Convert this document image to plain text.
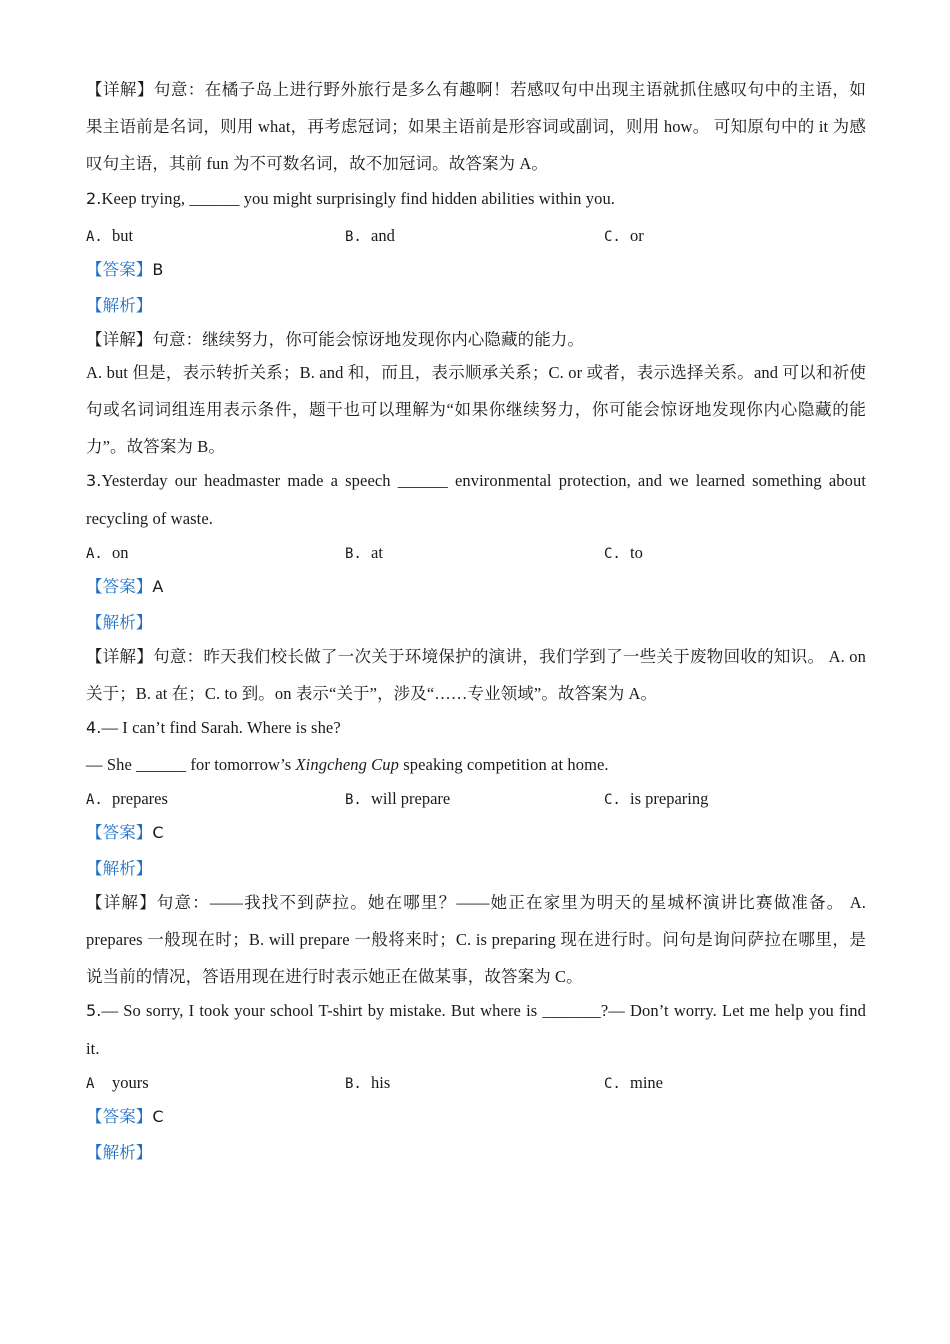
【详解】句意：在橘子岛上进行野外旅行是多么有趣啊！若感叹句中出现主语就抓住感叹句中的主语，如
果主语前是名词，则用 what，再考虑冠词；如果主语前是形容词或副词，则用 how。 可知原句中的 it 为感
叹句主语，其前 fun 为不可数名词，故不加冠词。故答案为 A。
2.Keep trying, ______ you might surprisingly find hidden abilities within you.
A. but	B. and	C. or
【答案】B
【解析】
【详解】句意：继续努力，你可能会惊讶地发现你内心隐藏的能力。
A. but 但是，表示转折关系；B. and 和，而且，表示顺承关系；C. or 或者，表示选择关系。and 可以和祈使
句或名词词组连用表示条件，题干也可以理解为“如果你继续努力，你可能会惊讶地发现你内心隐藏的能
力”。故答案为 B。
3.Yesterday our headmaster made a speech ______ environmental protection, and we learned something about
recycling of waste.
A. on	B. at	C. to
【答案】A
【解析】
【详解】句意：昨天我们校长做了一次关于环境保护的演讲，我们学到了一些关于废物回收的知识。 A. on
关于；B. at 在；C. to 到。on 表示“关于”，涉及“……专业领域”。故答案为 A。
4.— I can’t find Sarah. Where is she?
— She ______ for tomorrow’s Xingcheng Cup speaking competition at home.
A. prepares	B. will prepare	C. is preparing
【答案】C
【解析】
【详解】句意：——我找不到萨拉。她在哪里？——她正在家里为明天的星城杯演讲比赛做准备。 A.
prepares 一般现在时；B. will prepare 一般将来时；C. is preparing 现在进行时。问句是询问萨拉在哪里，是
说当前的情况，答语用现在进行时表示她正在做某事，故答案为 C。
5.— So sorry, I took your school T-shirt by mistake. But where is _______?— Don’t worry. Let me help you find
it.
A yours	B. his	C. mine
【答案】C
【解析】
